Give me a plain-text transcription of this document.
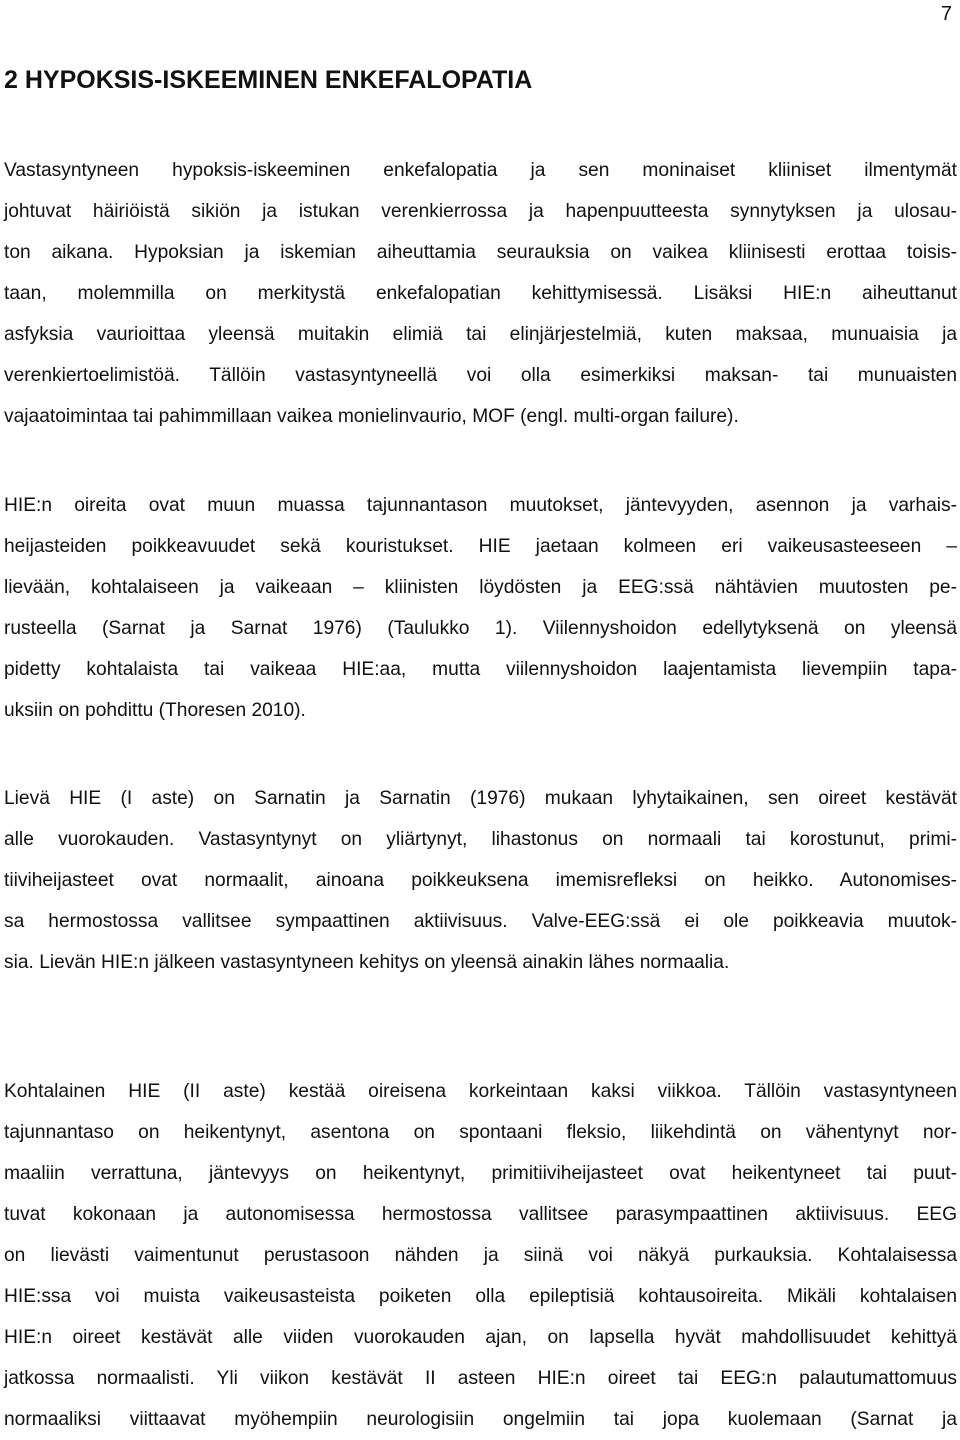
7
2 HYPOKSIS-ISKEEMINEN ENKEFALOPATIA

Vastasyntyneen hypoksis-iskeeminen enkefalopatia ja sen moninaiset kliiniset ilmentymät
johtuvat häiriöistä sikiön ja istukan verenkierrossa ja hapenpuutteesta synnytyksen ja ulosau-
ton aikana. Hypoksian ja iskemian aiheuttamia seurauksia on vaikea kliinisesti erottaa toisis-
taan, molemmilla on merkitystä enkefalopatian kehittymisessä. Lisäksi HIE:n aiheuttanut
asfyksia vaurioittaa yleensä muitakin elimiä tai elinjärjestelmiä, kuten maksaa, munuaisia ja
verenkiertoelimistöä. Tällöin vastasyntyneellä voi olla esimerkiksi maksan- tai munuaisten
vajaatoimintaa tai pahimmillaan vaikea monielinvaurio, MOF (engl. multi-organ failure).

HIE:n oireita ovat muun muassa tajunnantason muutokset, jäntevyyden, asennon ja varhais-
heijasteiden poikkeavuudet sekä kouristukset. HIE jaetaan kolmeen eri vaikeusasteeseen –
lievään, kohtalaiseen ja vaikeaan – kliinisten löydösten ja EEG:ssä nähtävien muutosten pe-
rusteella (Sarnat ja Sarnat 1976) (Taulukko 1). Viilennyshoidon edellytyksenä on yleensä
pidetty kohtalaista tai vaikeaa HIE:aa, mutta viilennyshoidon laajentamista lievempiin tapa-
uksiin on pohdittu (Thoresen 2010).

Lievä HIE (I aste) on Sarnatin ja Sarnatin (1976) mukaan lyhytaikainen, sen oireet kestävät
alle vuorokauden. Vastasyntynyt on yliärtynyt, lihastonus on normaali tai korostunut, primi-
tiiviheijasteet ovat normaalit, ainoana poikkeuksena imemisrefleksi on heikko. Autonomises-
sa hermostossa vallitsee sympaattinen aktiivisuus. Valve-EEG:ssä ei ole poikkeavia muutok-
sia. Lievän HIE:n jälkeen vastasyntyneen kehitys on yleensä ainakin lähes normaalia.

Kohtalainen HIE (II aste) kestää oireisena korkeintaan kaksi viikkoa. Tällöin vastasyntyneen
tajunnantaso on heikentynyt, asentona on spontaani fleksio, liikehdintä on vähentynyt nor-
maaliin verrattuna, jäntevyys on heikentynyt, primitiiviheijasteet ovat heikentyneet tai puut-
tuvat kokonaan ja autonomisessa hermostossa vallitsee parasympaattinen aktiivisuus. EEG
on lievästi vaimentunut perustasoon nähden ja siinä voi näkyä purkauksia. Kohtalaisessa
HIE:ssa voi muista vaikeusasteista poiketen olla epileptisiä kohtausoireita. Mikäli kohtalaisen
HIE:n oireet kestävät alle viiden vuorokauden ajan, on lapsella hyvät mahdollisuudet kehittyä
jatkossa normaalisti. Yli viikon kestävät II asteen HIE:n oireet tai EEG:n palautumattomuus
normaaliksi viittaavat myöhempiin neurologisiin ongelmiin tai jopa kuolemaan (Sarnat ja
